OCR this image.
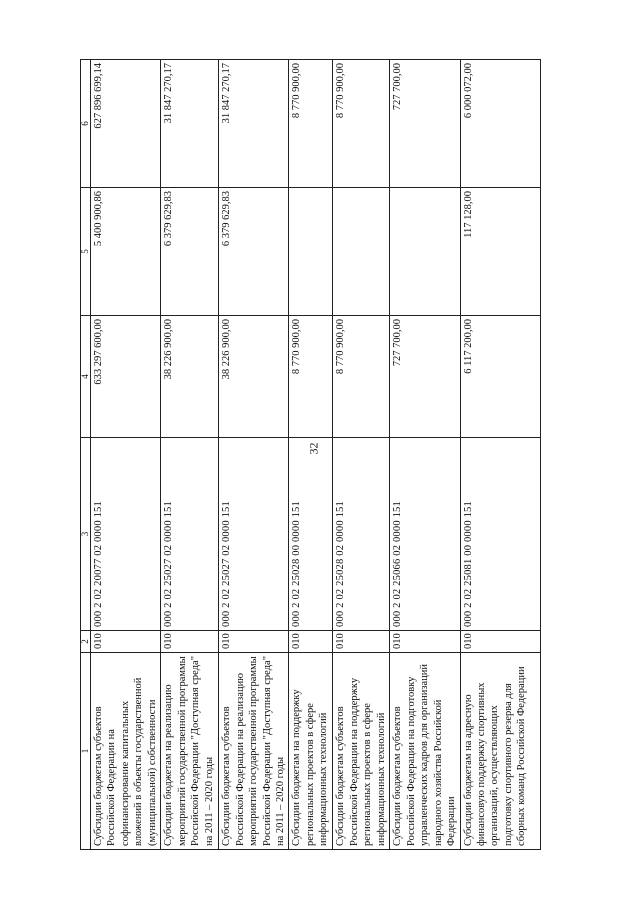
32
1	2	3	4	5	6
Субсидии бюджетам субъектов Российской Федерации на софинансирование капитальных вложений в объекты государственной (муниципальной) собственности	010	000 2 02 20077 02 0000 151	633 297 600,00	5 400 900,86	627 896 699,14
Субсидии бюджетам на реализацию мероприятий государственной программы Российской Федерации "Доступная среда" на 2011 – 2020 годы	010	000 2 02 25027 02 0000 151	38 226 900,00	6 379 629,83	31 847 270,17
Субсидии бюджетам субъектов Российской Федерации на реализацию мероприятий государственной программы Российской Федерации "Доступная среда" на 2011 – 2020 годы	010	000 2 02 25027 02 0000 151	38 226 900,00	6 379 629,83	31 847 270,17
Субсидии бюджетам на поддержку региональных проектов в сфере информационных технологий	010	000 2 02 25028 00 0000 151	8 770 900,00		8 770 900,00
Субсидии бюджетам субъектов Российской Федерации на поддержку региональных проектов в сфере информационных технологий	010	000 2 02 25028 02 0000 151	8 770 900,00		8 770 900,00
Субсидии бюджетам субъектов Российской Федерации на подготовку управленческих кадров для организаций народного хозяйства Российской Федерации	010	000 2 02 25066 02 0000 151	727 700,00		727 700,00
Субсидии бюджетам на адресную финансовую поддержку спортивных организаций, осуществляющих подготовку спортивного резерва для сборных команд Российской Федерации	010	000 2 02 25081 00 0000 151	6 117 200,00	117 128,00	6 000 072,00
